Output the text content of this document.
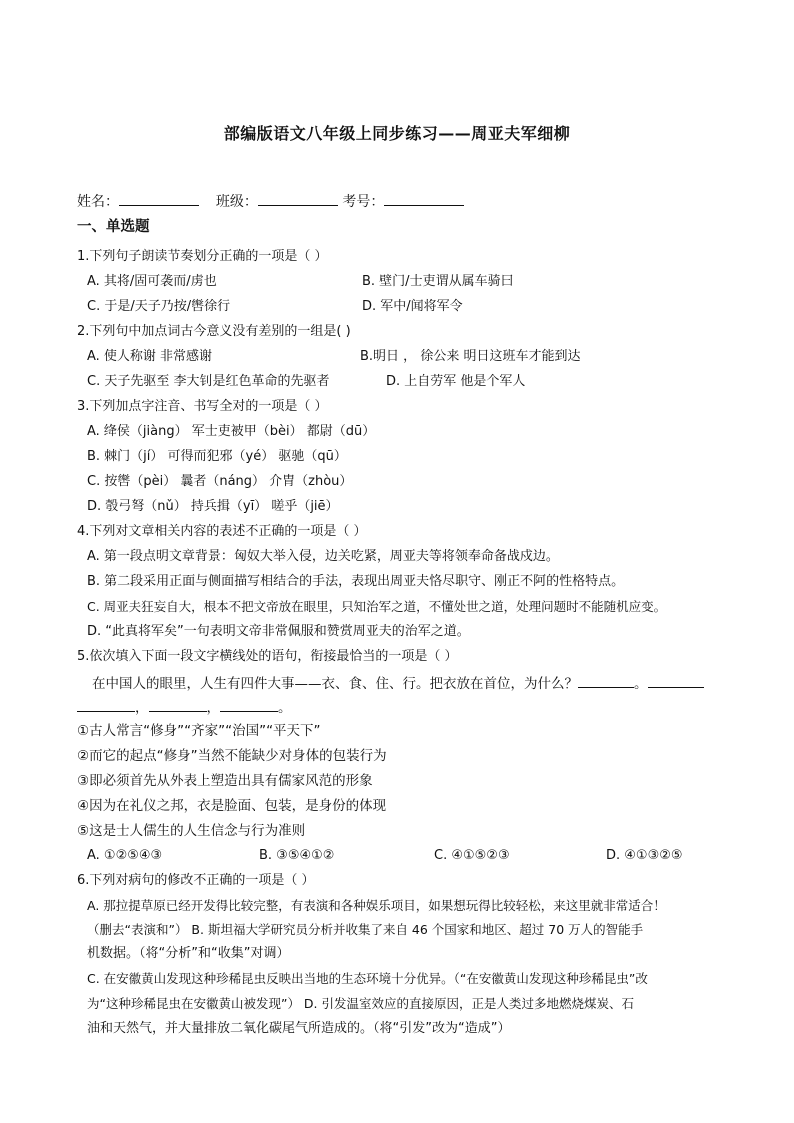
部编版语文八年级上同步练习——周亚夫军细柳
姓名：	班级：	考号：
一、单选题
1.下列句子朗读节奏划分正确的一项是（ ）
A. 其将/固可袭而/虏也	B. 壁门/士吏谓从属车骑曰
C. 于是/天子乃按/辔徐行	D. 军中/闻将军令
2.下列句中加点词古今意义没有差别的一组是( )
A. 使人称谢 非常感谢	B.明日 ， 徐公来 明日这班车才能到达
C. 天子先驱至 李大钊是红色革命的先驱者	D. 上自劳军 他是个军人
3.下列加点字注音、书写全对的一项是（ ）
A. 绛侯（jiàng） 军士吏被甲（bèi） 都尉（dū）
B. 棘门（jí） 可得而犯邪（yé） 驱驰（qū）
C. 按辔（pèi） 曩者（náng） 介胄（zhòu）
D. 彀弓弩（nǔ） 持兵揖（yī） 嗟乎（jiē）
4.下列对文章相关内容的表述不正确的一项是（ ）
A. 第一段点明文章背景：匈奴大举入侵，边关吃紧，周亚夫等将领奉命备战戍边。
B. 第二段采用正面与侧面描写相结合的手法，表现出周亚夫恪尽职守、刚正不阿的性格特点。
C. 周亚夫狂妄自大，根本不把文帝放在眼里，只知治军之道，不懂处世之道，处理问题时不能随机应变。
D. “此真将军矣”一句表明文帝非常佩服和赞赏周亚夫的治军之道。
5.依次填入下面一段文字横线处的语句，衔接最恰当的一项是（ ）
在中国人的眼里，人生有四件大事——衣、食、住、行。把衣放在首位，为什么？	。
，	，	。
①古人常言“修身”“齐家”“治国”“平天下”
②而它的起点“修身”当然不能缺少对身体的包装行为
③即必须首先从外表上塑造出具有儒家风范的形象
④因为在礼仪之邦，衣是脸面、包装，是身份的体现
⑤这是士人儒生的人生信念与行为准则
A. ①②⑤④③	B. ③⑤④①②	C. ④①⑤②③	D. ④①③②⑤
6.下列对病句的修改不正确的一项是（ ）
A. 那拉提草原已经开发得比较完整，有表演和各种娱乐项目，如果想玩得比较轻松，来这里就非常适合！
（删去“表演和”） B. 斯坦福大学研究员分析并收集了来自 46 个国家和地区、超过 70 万人的智能手
机数据。（将“分析”和“收集”对调）
C. 在安徽黄山发现这种珍稀昆虫反映出当地的生态环境十分优异。（“在安徽黄山发现这种珍稀昆虫”改
为“这种珍稀昆虫在安徽黄山被发现”） D. 引发温室效应的直接原因，正是人类过多地燃烧煤炭、石
油和天然气，并大量排放二氧化碳尾气所造成的。（将“引发”改为“造成”）
